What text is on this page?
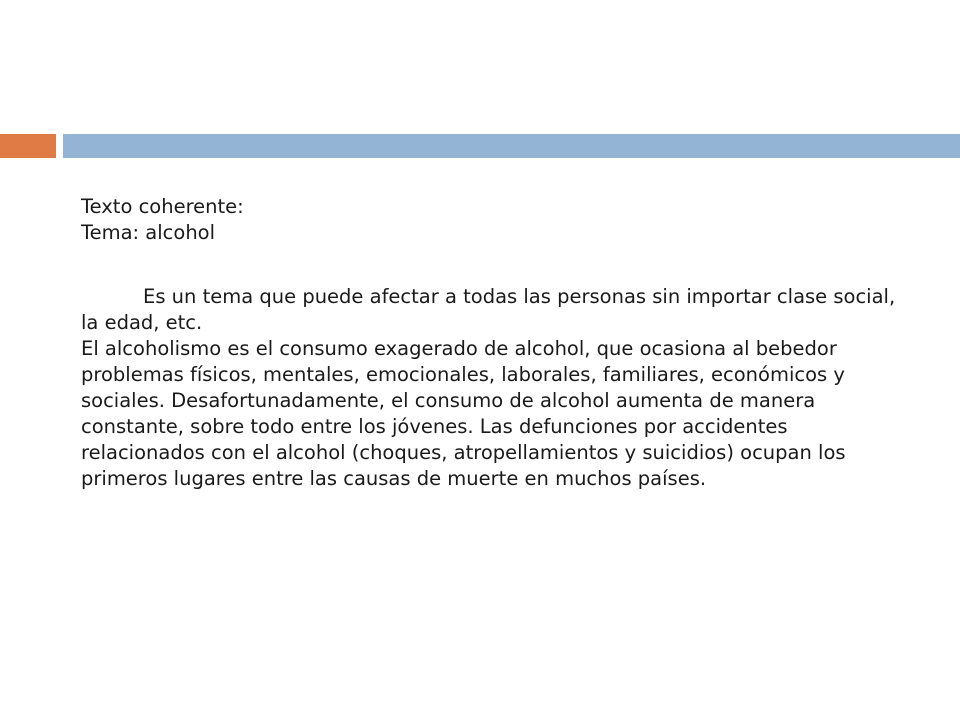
Texto coherente:
Tema: alcohol

Es un tema que puede afectar a todas las personas sin importar clase social, la edad, etc.

El alcoholismo es el consumo exagerado de alcohol, que ocasiona al bebedor problemas físicos, mentales, emocionales, laborales, familiares, económicos y sociales. Desafortunadamente, el consumo de alcohol aumenta de manera constante, sobre todo entre los jóvenes. Las defunciones por accidentes relacionados con el alcohol (choques, atropellamientos y suicidios) ocupan los primeros lugares entre las causas de muerte en muchos países.
